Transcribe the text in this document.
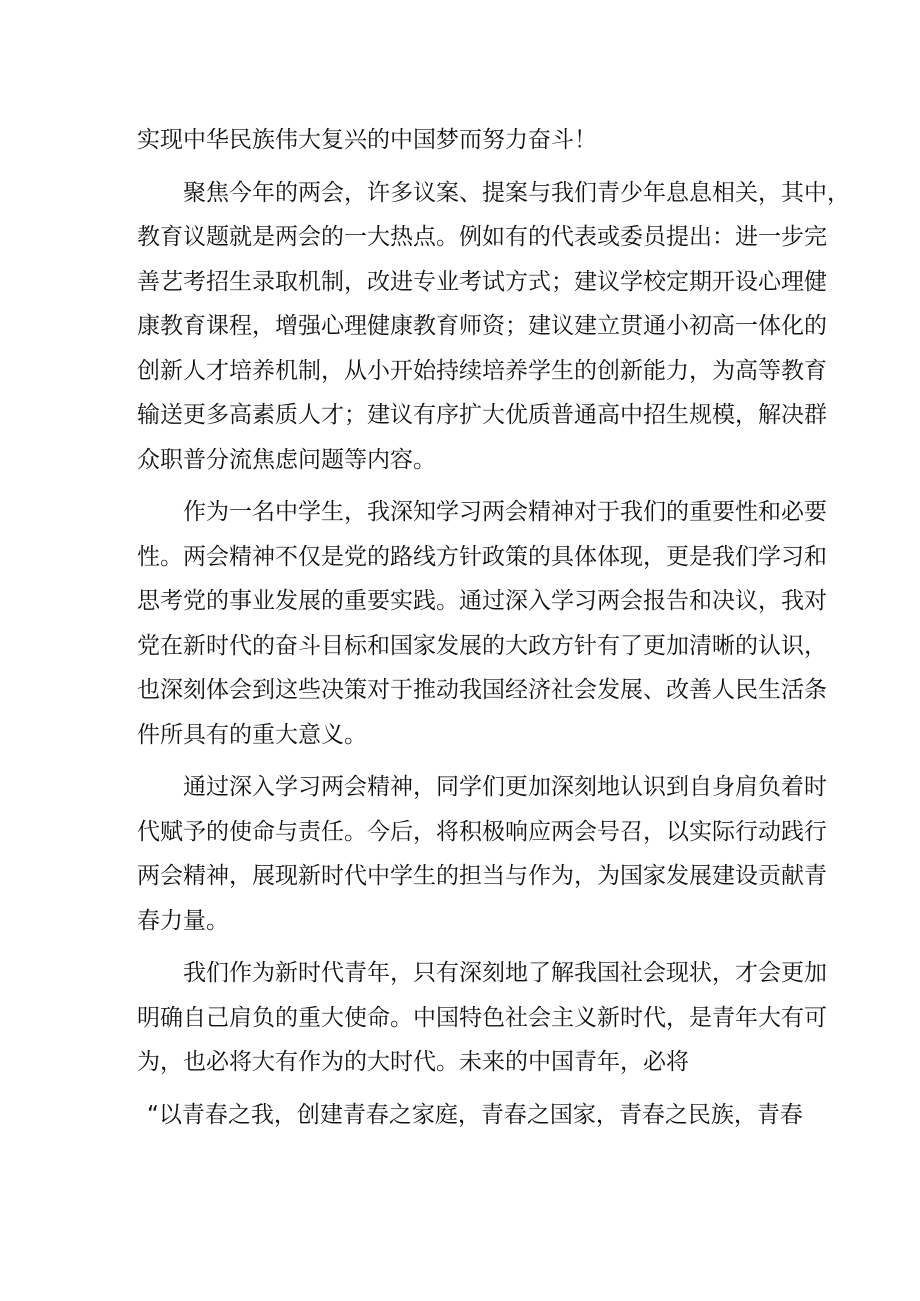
实现中华民族伟大复兴的中国梦而努力奋斗！
聚焦今年的两会，许多议案、提案与我们青少年息息相关，其中，
教育议题就是两会的一大热点。例如有的代表或委员提出：进一步完
善艺考招生录取机制，改进专业考试方式；建议学校定期开设心理健
康教育课程，增强心理健康教育师资；建议建立贯通小初高一体化的
创新人才培养机制，从小开始持续培养学生的创新能力，为高等教育
输送更多高素质人才；建议有序扩大优质普通高中招生规模，解决群
众职普分流焦虑问题等内容。
作为一名中学生，我深知学习两会精神对于我们的重要性和必要
性。两会精神不仅是党的路线方针政策的具体体现，更是我们学习和
思考党的事业发展的重要实践。通过深入学习两会报告和决议，我对
党在新时代的奋斗目标和国家发展的大政方针有了更加清晰的认识，
也深刻体会到这些决策对于推动我国经济社会发展、改善人民生活条
件所具有的重大意义。
通过深入学习两会精神，同学们更加深刻地认识到自身肩负着时
代赋予的使命与责任。今后，将积极响应两会号召，以实际行动践行
两会精神，展现新时代中学生的担当与作为，为国家发展建设贡献青
春力量。
我们作为新时代青年，只有深刻地了解我国社会现状，才会更加
明确自己肩负的重大使命。中国特色社会主义新时代，是青年大有可
为，也必将大有作为的大时代。未来的中国青年，必将
“以青春之我，创建青春之家庭，青春之国家，青春之民族，青春
